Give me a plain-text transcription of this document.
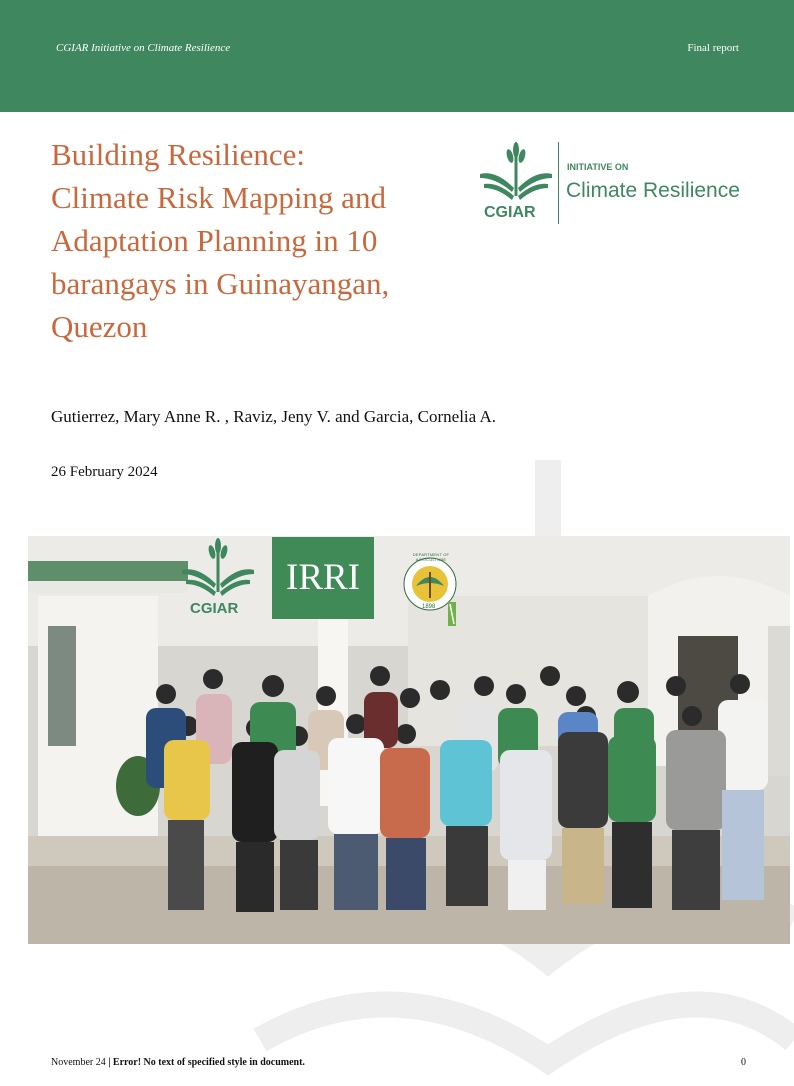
CGIAR Initiative on Climate Resilience	Final report
Building Resilience:
Climate Risk Mapping and
Adaptation Planning in 10
barangays in Guinayangan,
Quezon
CGIAR
INITIATIVE ON
Climate Resilience
Gutierrez, Mary Anne R. , Raviz, Jeny V. and Garcia, Cornelia A.
26 February 2024
CGIAR
IRRI
DEPARTMENT OF AGRICULTURE
1898
November 24 | Error! No text of specified style in document.	0
